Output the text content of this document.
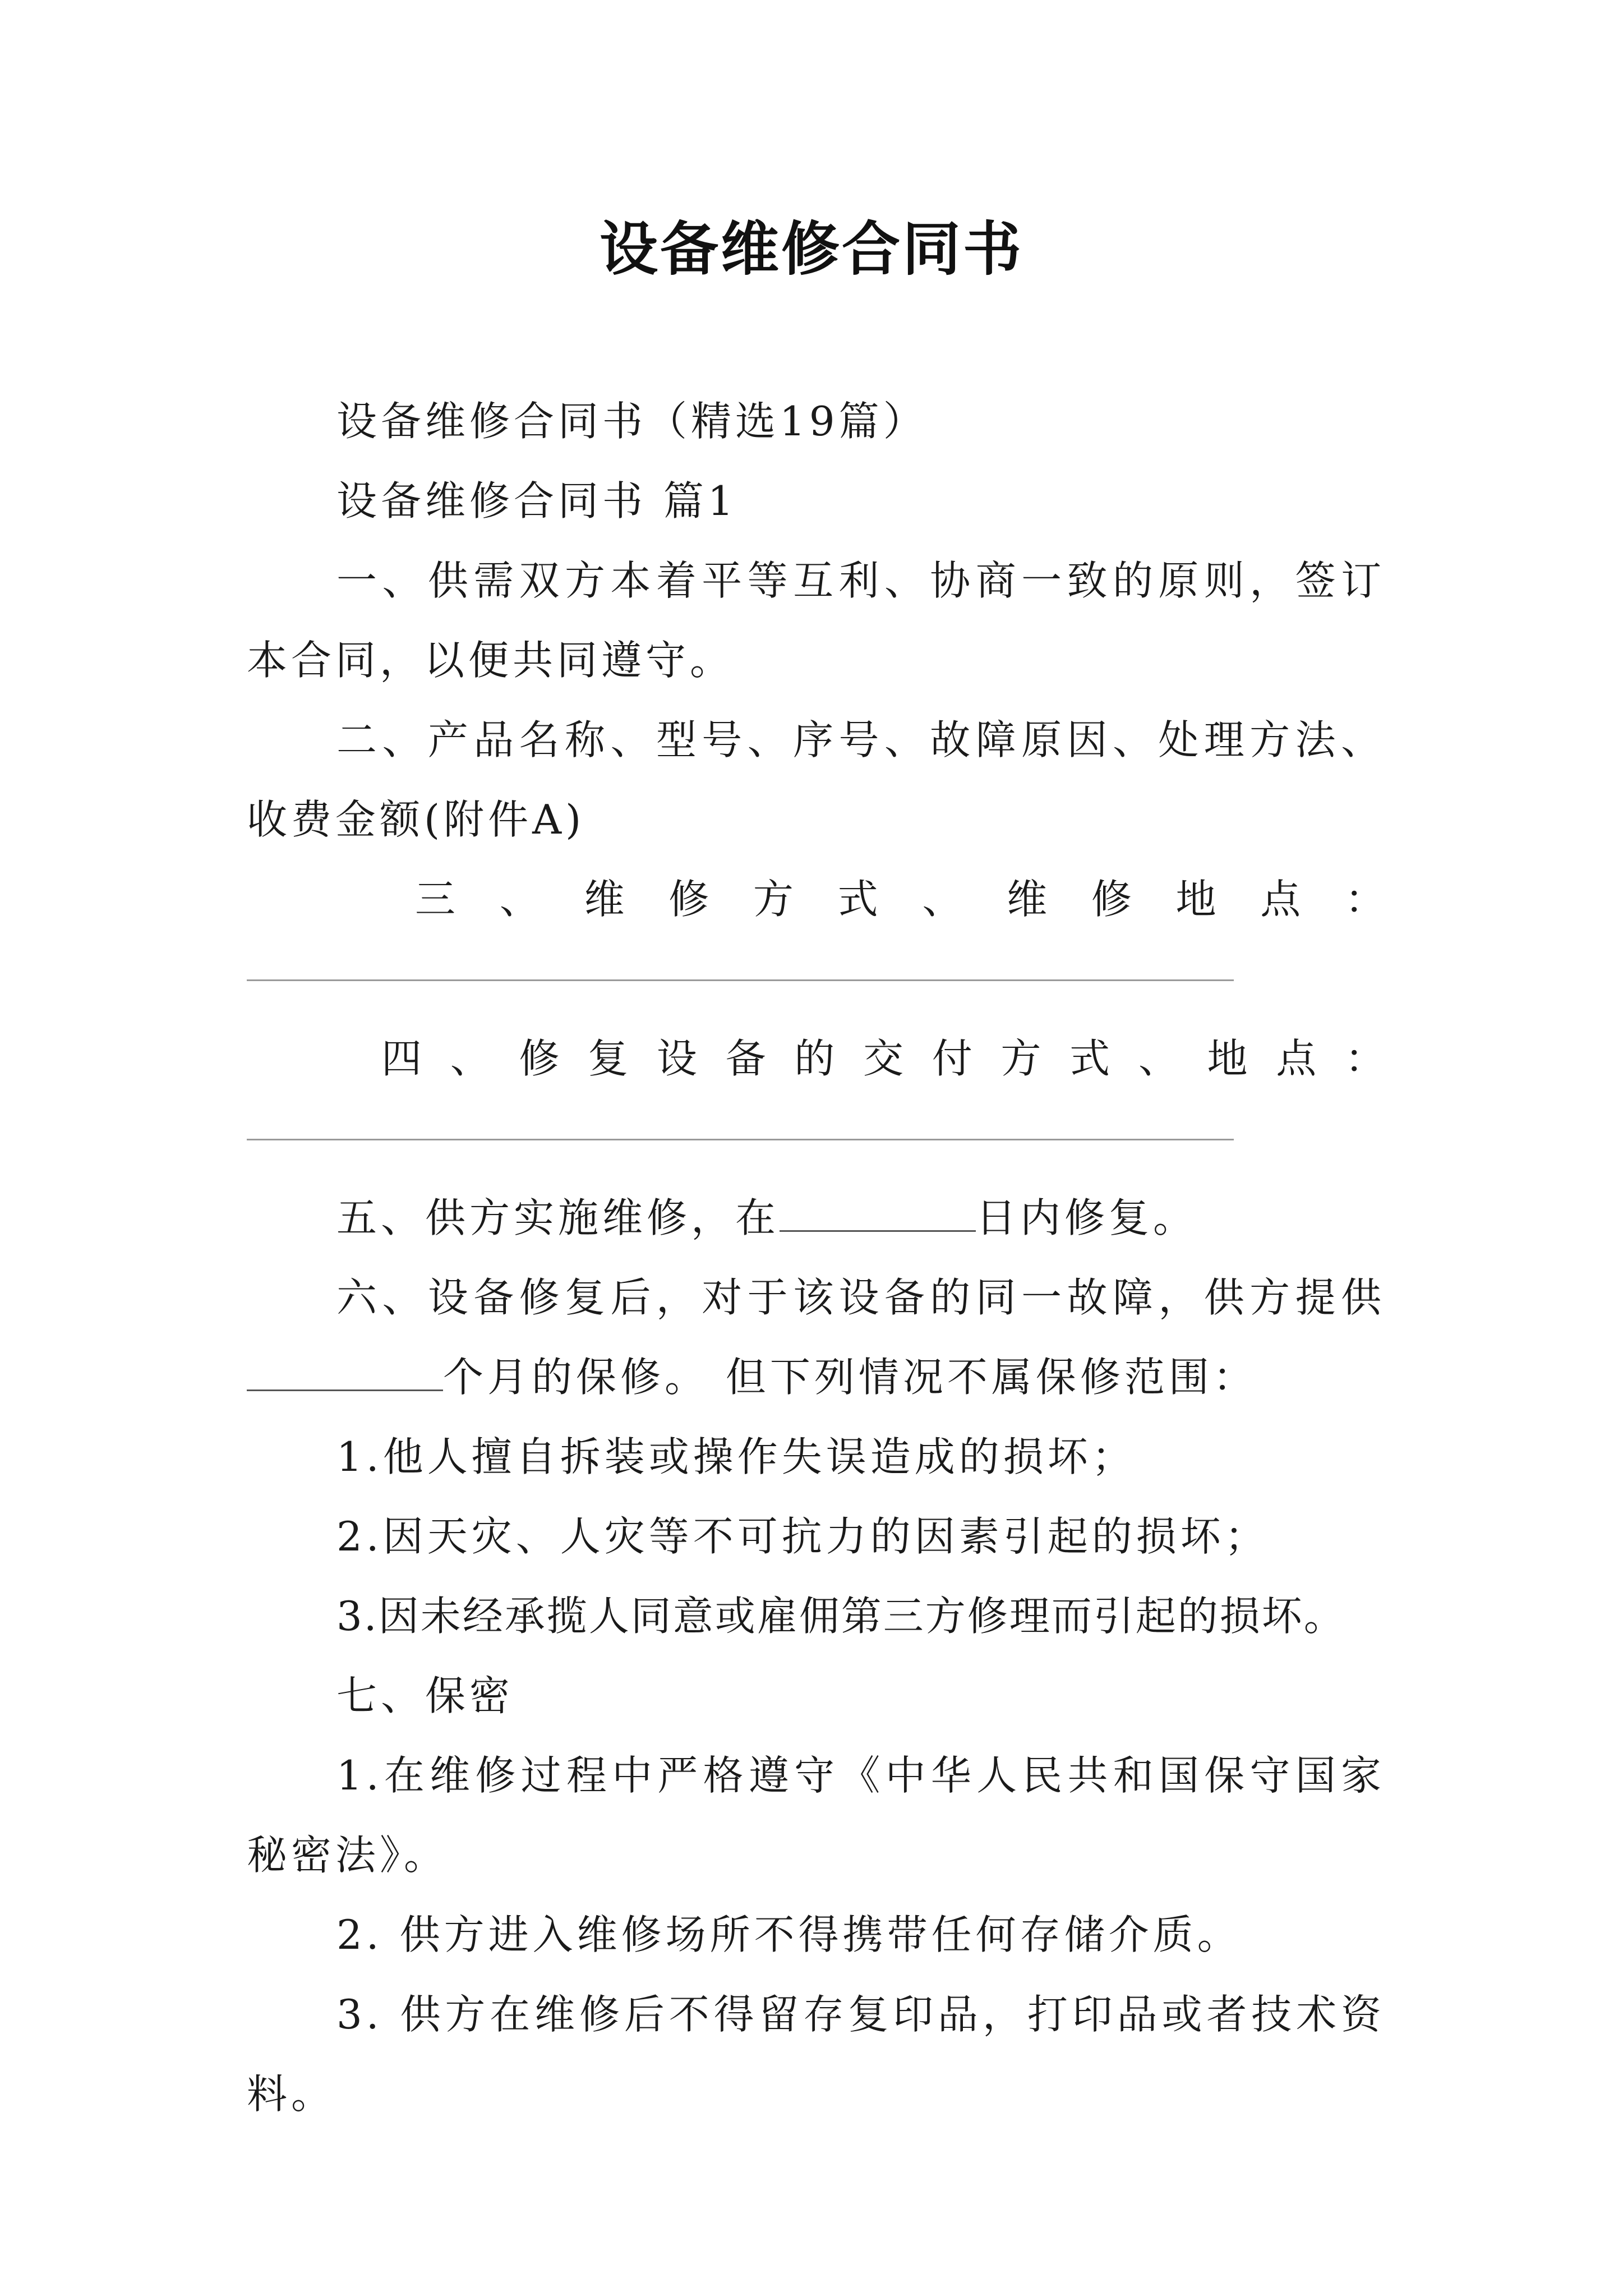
设备维修合同书

设备维修合同书（精选19篇）

设备维修合同书 篇1

一、供需双方本着平等互利、协商一致的原则，签订本合同，以便共同遵守。

二、产品名称、型号、序号、故障原因、处理方法、收费金额(附件A)

三、维修方式、维修地点：

四、修复设备的交付方式、地点：

五、供方实施维修，在	日内修复。

六、设备修复后，对于该设备的同一故障，供方提供个月的保修。 但下列情况不属保修范围：

1.他人擅自拆装或操作失误造成的损坏；

2.因天灾、人灾等不可抗力的因素引起的损坏；

3.因未经承揽人同意或雇佣第三方修理而引起的损坏。

七、保密

1.在维修过程中严格遵守《中华人民共和国保守国家秘密法》。

2. 供方进入维修场所不得携带任何存储介质。

3. 供方在维修后不得留存复印品，打印品或者技术资料。
